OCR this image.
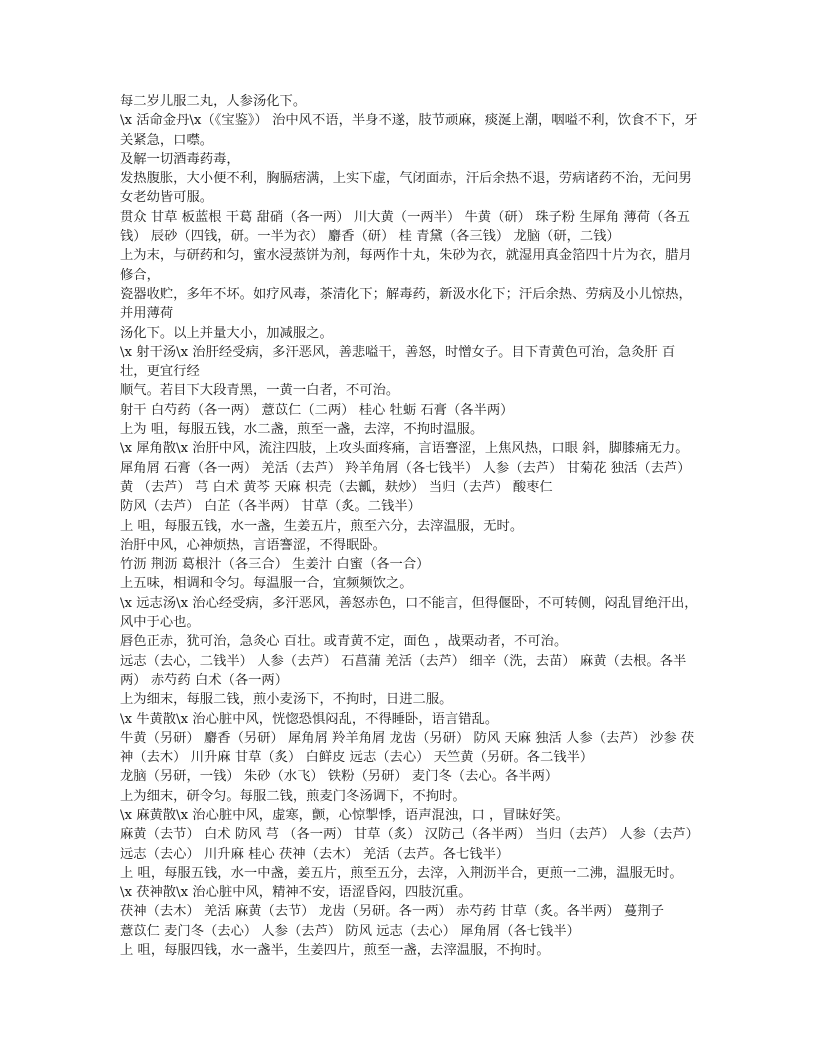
每二岁儿服二丸，人参汤化下。

\x 活命金丹\x（《宝鉴》） 治中风不语，半身不遂，肢节顽麻，痰涎上潮，咽嗌不利，饮食不下，牙关紧急，口噤。

及解一切酒毒药毒，

发热腹胀，大小便不利，胸膈痞满，上实下虚，气闭面赤，汗后余热不退，劳病诸药不治，无问男女老幼皆可服。

贯众 甘草 板蓝根 干葛 甜硝（各一两） 川大黄（一两半） 牛黄（研） 珠子粉 生犀角 薄荷（各五钱） 辰砂（四钱，研。一半为衣） 麝香（研） 桂 青黛（各三钱） 龙脑（研，二钱）

上为末，与研药和匀，蜜水浸蒸饼为剂，每两作十丸，朱砂为衣，就湿用真金箔四十片为衣，腊月修合，

瓷器收贮，多年不坏。如疗风毒，茶清化下；解毒药，新汲水化下；汗后余热、劳病及小儿惊热，并用薄荷

汤化下。以上并量大小，加减服之。

\x 射干汤\x 治肝经受病，多汗恶风，善悲嗌干，善怒，时憎女子。目下青黄色可治，急灸肝 百壮，更宜行经

顺气。若目下大段青黑，一黄一白者，不可治。

射干 白芍药（各一两） 薏苡仁（二两） 桂心 牡蛎 石膏（各半两）

上为 咀，每服五钱，水二盏，煎至一盏，去滓，不拘时温服。

\x 犀角散\x 治肝中风，流注四肢，上攻头面疼痛，言语謇涩，上焦风热，口眼 斜，脚膝痛无力。

犀角屑 石膏（各一两） 羌活（去芦） 羚羊角屑（各七钱半） 人参（去芦） 甘菊花 独活（去芦） 黄 （去芦） 芎 白术 黄芩 天麻 枳壳（去瓤，麸炒） 当归（去芦） 酸枣仁

防风（去芦） 白芷（各半两） 甘草（炙。二钱半）

上 咀，每服五钱，水一盏，生姜五片，煎至六分，去滓温服，无时。

治肝中风，心神烦热，言语謇涩，不得眠卧。

竹沥 荆沥 葛根汁（各三合） 生姜汁 白蜜（各一合）

上五味，相调和令匀。每温服一合，宜频频饮之。

\x 远志汤\x 治心经受病，多汗恶风，善怒赤色，口不能言，但得偃卧，不可转侧，闷乱冒绝汗出，风中于心也。

唇色正赤，犹可治，急灸心 百壮。或青黄不定，面色 ，战栗动者，不可治。

远志（去心，二钱半） 人参（去芦） 石菖蒲 羌活（去芦） 细辛（洗，去苗） 麻黄（去根。各半两） 赤芍药 白术（各一两）

上为细末，每服二钱，煎小麦汤下，不拘时，日进二服。

\x 牛黄散\x 治心脏中风，恍惚恐惧闷乱，不得睡卧，语言错乱。

牛黄（另研） 麝香（另研） 犀角屑 羚羊角屑 龙齿（另研） 防风 天麻 独活 人参（去芦） 沙参 茯神（去木） 川升麻 甘草（炙） 白鲜皮 远志（去心） 天竺黄（另研。各二钱半）

龙脑（另研，一钱） 朱砂（水飞） 铁粉（另研） 麦门冬（去心。各半两）

上为细末，研令匀。每服二钱，煎麦门冬汤调下，不拘时。

\x 麻黄散\x 治心脏中风，虚寒，颤，心惊掣悸，语声混浊，口 ，冒昧好笑。

麻黄（去节） 白术 防风 芎 （各一两） 甘草（炙） 汉防己（各半两） 当归（去芦） 人参（去芦） 远志（去心） 川升麻 桂心 茯神（去木） 羌活（去芦。各七钱半）

上 咀，每服五钱，水一中盏，姜五片，煎至五分，去滓，入荆沥半合，更煎一二沸，温服无时。

\x 茯神散\x 治心脏中风，精神不安，语涩昏闷，四肢沉重。

茯神（去木） 羌活 麻黄（去节） 龙齿（另研。各一两） 赤芍药 甘草（炙。各半两） 蔓荆子

薏苡仁 麦门冬（去心） 人参（去芦） 防风 远志（去心） 犀角屑（各七钱半）

上 咀，每服四钱，水一盏半，生姜四片，煎至一盏，去滓温服，不拘时。
